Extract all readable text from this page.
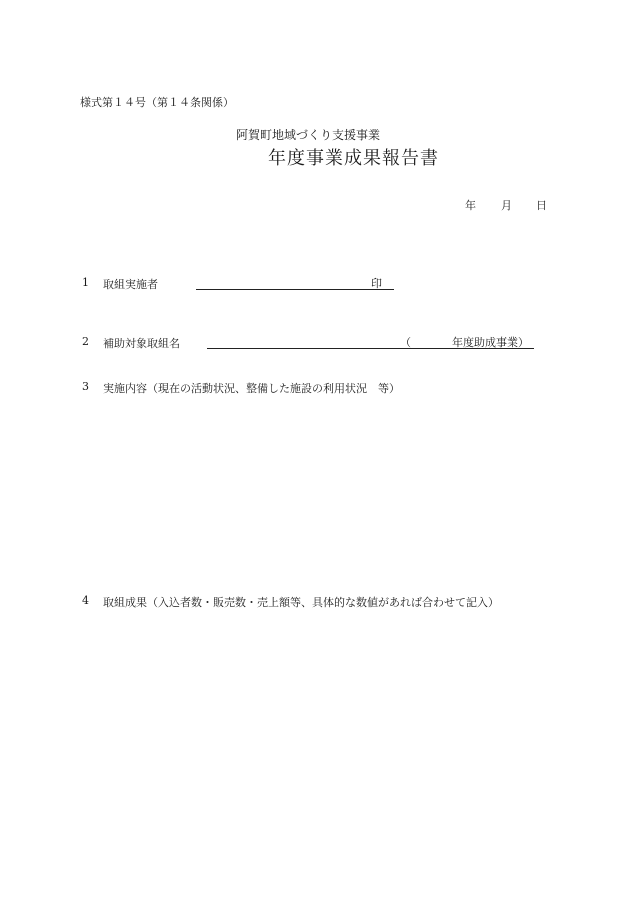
様式第１４号（第１４条関係）
阿賀町地域づくり支援事業
年度事業成果報告書
年 月 日
1	取組実施者	印
2	補助対象取組名	（	年度助成事業）
3	実施内容（現在の活動状況、整備した施設の利用状況　等）
4	取組成果（入込者数・販売数・売上額等、具体的な数値があれば合わせて記入）
